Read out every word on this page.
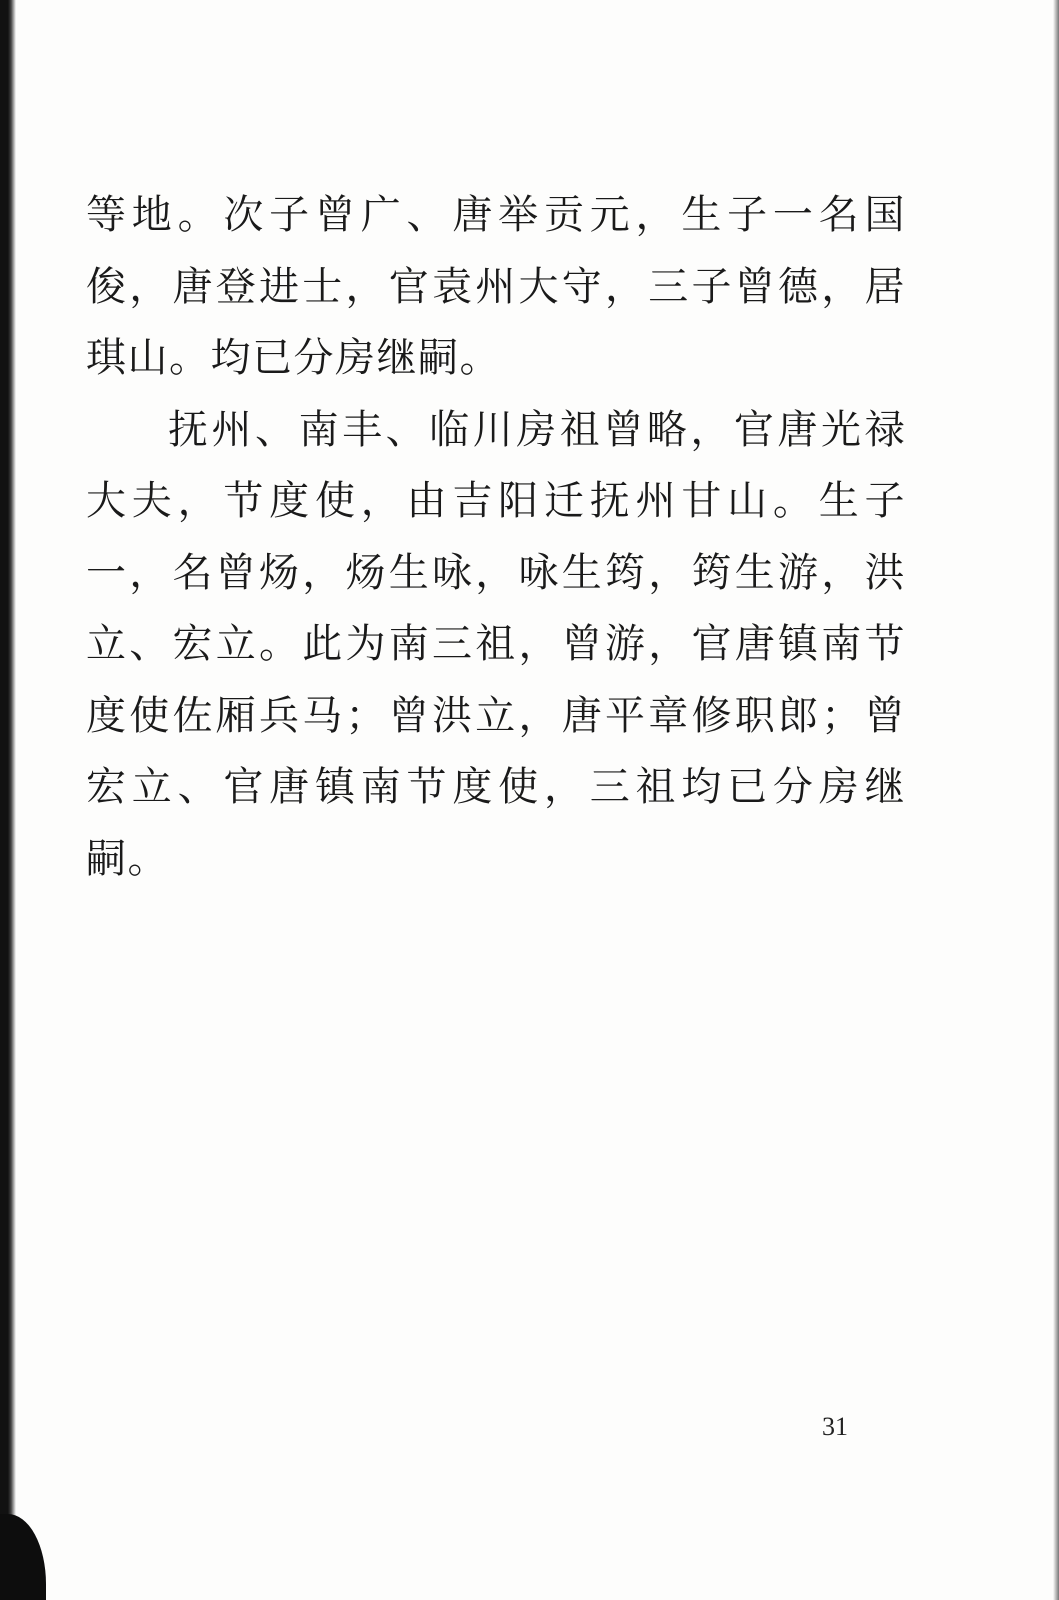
等地。次子曾广、唐举贡元，生子一名国俊，唐登进士，官袁州大守，三子曾德，居琪山。均已分房继嗣。

抚州、南丰、临川房祖曾略，官唐光禄大夫，节度使，由吉阳迁抚州甘山。生子一，名曾炀，炀生咏，咏生筠，筠生游，洪立、宏立。此为南三祖，曾游，官唐镇南节度使佐厢兵马；曾洪立，唐平章修职郎；曾宏立、官唐镇南节度使，三祖均已分房继嗣。

31
